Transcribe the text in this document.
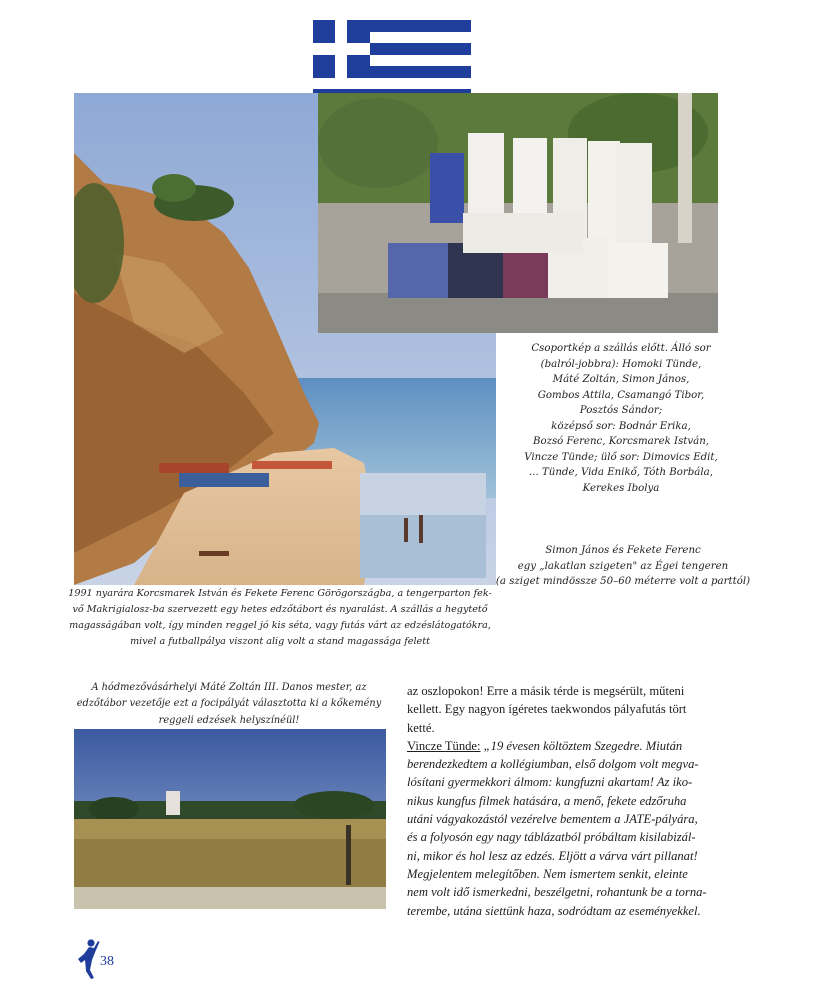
Csoportkép a szállás előtt. Álló sor
(balról-jobbra): Homoki Tünde,
Máté Zoltán, Simon János,
Gombos Attila, Csamangó Tibor,
Posztós Sándor;
középső sor: Bodnár Erika,
Bozsó Ferenc, Korcsmarek István,
Vincze Tünde; ülő sor: Dimovics Edit,
... Tünde, Vida Enikő, Tóth Borbála,
Kerekes Ibolya
Simon János és Fekete Ferenc
egy „lakatlan szigeten" az Égei tengeren
(a sziget mindössze 50–60 méterre volt a parttól)
1991 nyarára Korcsmarek István és Fekete Ferenc Görögországba, a tengerparton fek-
vő Makrigialosz-ba szervezett egy hetes edzőtábort és nyaralást. A szállás a hegytető
magasságában volt, így minden reggel jó kis séta, vagy futás várt az edzéslátogatókra,
mivel a futballpálya viszont alig volt a stand magassága felett
A hódmezővásárhelyi Máté Zoltán III. Danos mester, az
edzőtábor vezetője ezt a focipályát választotta ki a kőkemény
reggeli edzések helyszínéül!
az oszlopokon! Erre a másik térde is megsérült, műteni
kellett. Egy nagyon ígéretes taekwondos pályafutás tört
ketté.
Vincze Tünde: „19 évesen költöztem Szegedre. Miután
berendezkedtem a kollégiumban, első dolgom volt megva-
lósítani gyermekkori álmom: kungfuzni akartam! Az iko-
nikus kungfus filmek hatására, a menő, fekete edzőruha
utáni vágyakozástól vezérelve bementem a JATE-pályára,
és a folyosón egy nagy táblázatból próbáltam kisilabizál-
ni, mikor és hol lesz az edzés. Eljött a várva várt pillanat!
Megjelentem melegítőben. Nem ismertem senkit, eleinte
nem volt idő ismerkedni, beszélgetni, rohantunk be a torna-
terembe, utána siettünk haza, sodródtam az eseményekkel.
38
